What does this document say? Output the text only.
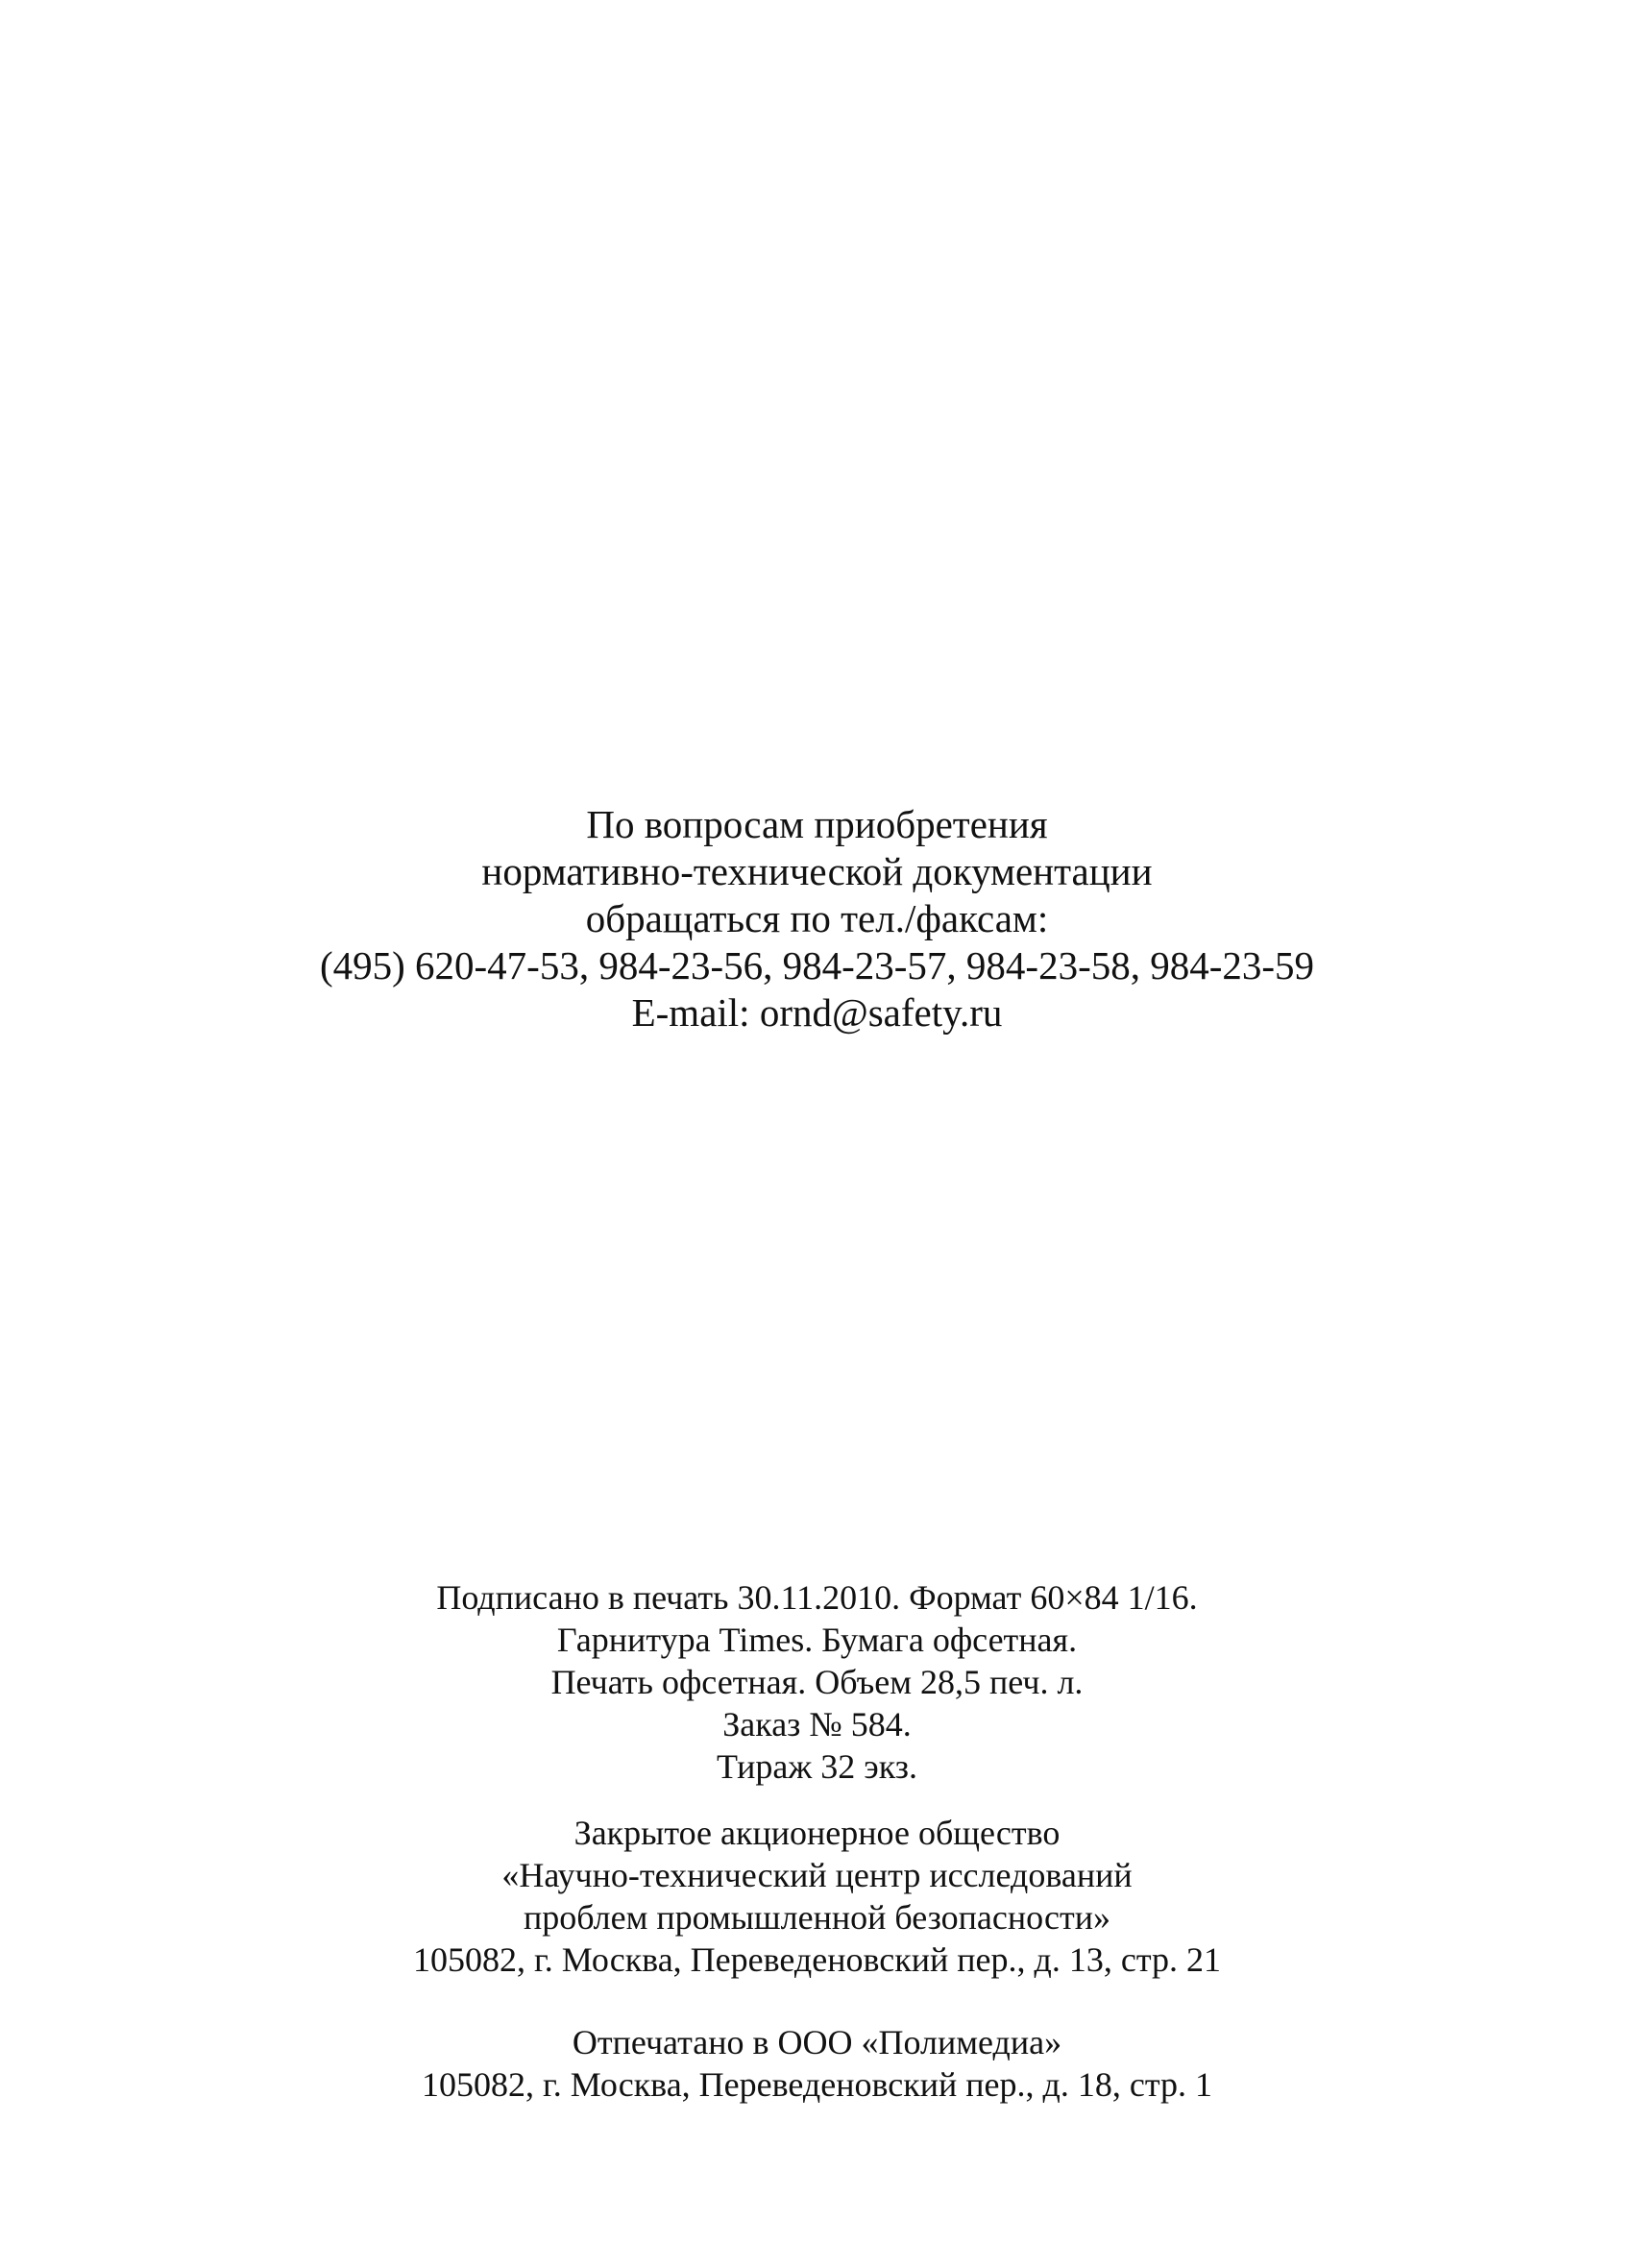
По вопросам приобретения
нормативно-технической документации
обращаться по тел./факсам:
(495) 620-47-53, 984-23-56, 984-23-57, 984-23-58, 984-23-59
E-mail: ornd@safety.ru
Подписано в печать 30.11.2010. Формат 60×84 1/16.
Гарнитура Times. Бумага офсетная.
Печать офсетная. Объем 28,5 печ. л.
Заказ № 584.
Тираж 32 экз.
Закрытое акционерное общество
«Научно-технический центр исследований
проблем промышленной безопасности»
105082, г. Москва, Переведеновский пер., д. 13, стр. 21
Отпечатано в ООО «Полимедиа»
105082, г. Москва, Переведеновский пер., д. 18, стр. 1
